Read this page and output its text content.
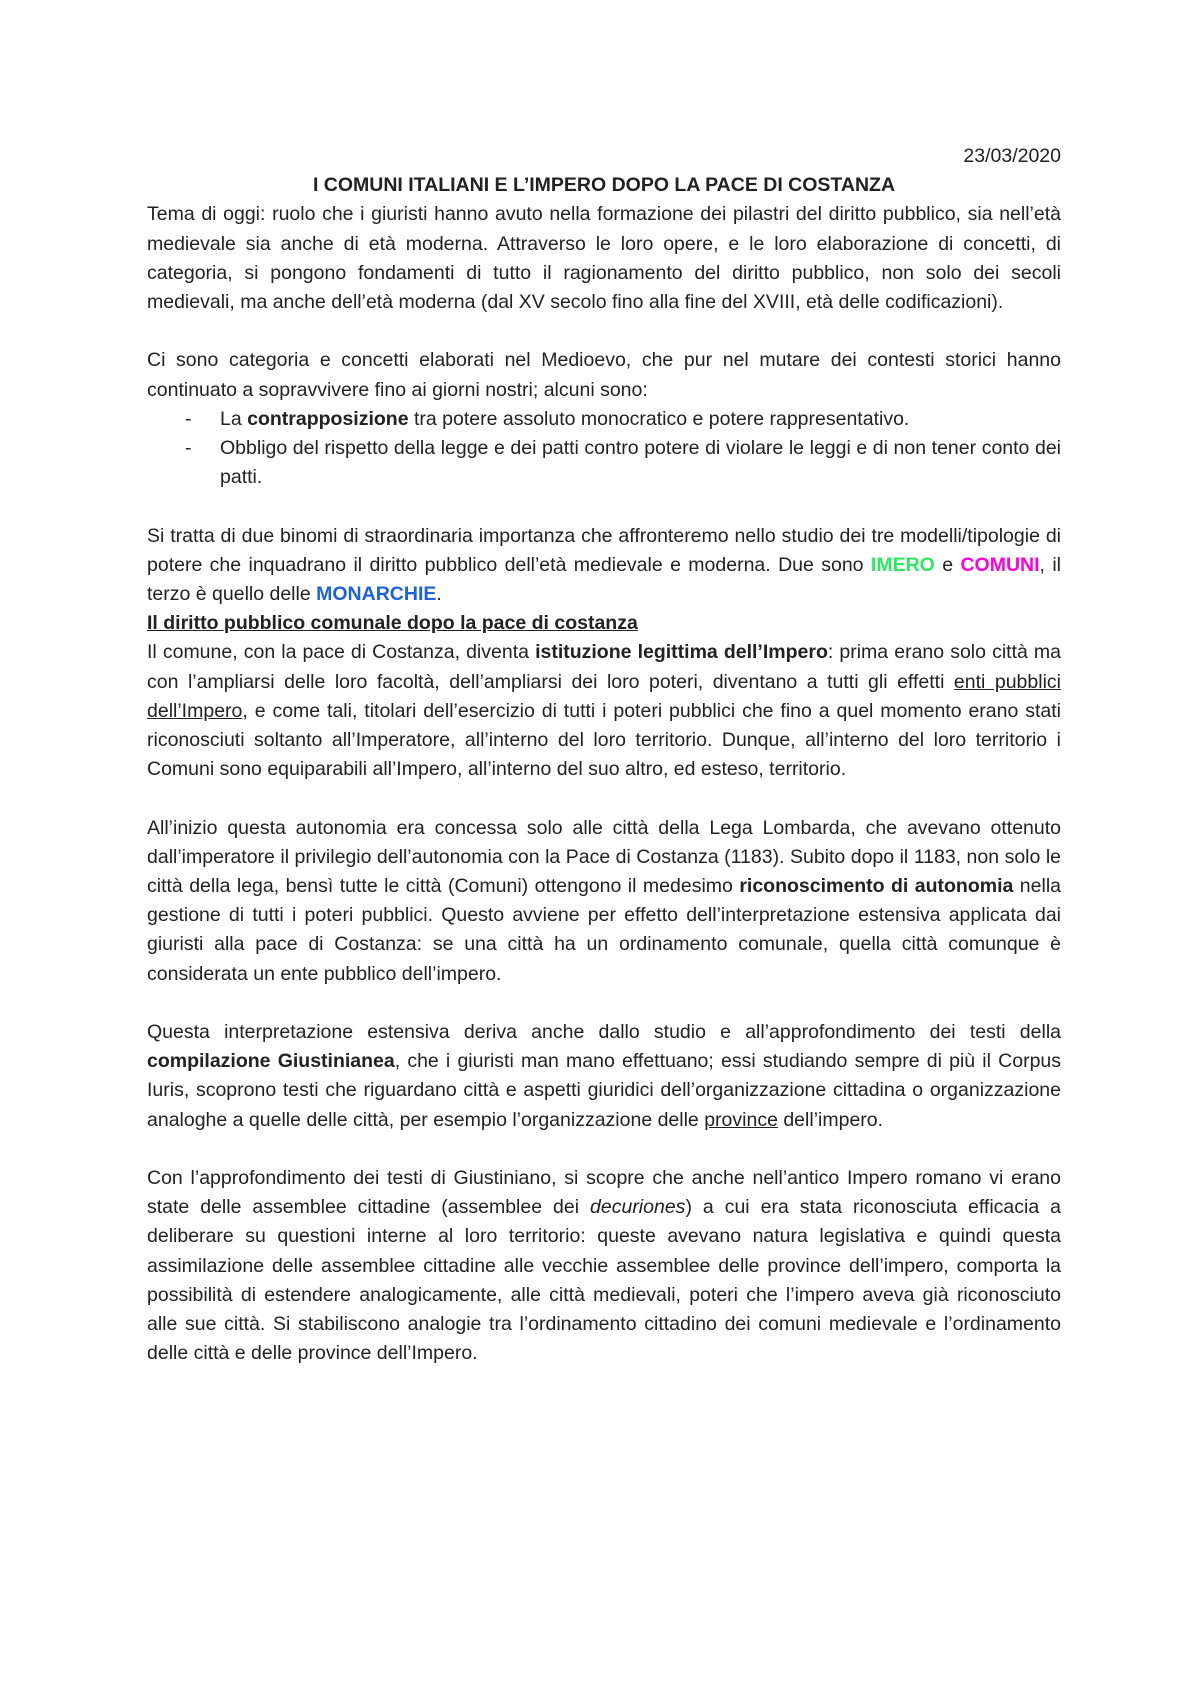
23/03/2020

I COMUNI ITALIANI E L’IMPERO DOPO LA PACE DI COSTANZA

Tema di oggi: ruolo che i giuristi hanno avuto nella formazione dei pilastri del diritto pubblico, sia nell’età medievale sia anche di età moderna. Attraverso le loro opere, e le loro elaborazione di concetti, di categoria, si pongono fondamenti di tutto il ragionamento del diritto pubblico, non solo dei secoli medievali, ma anche dell’età moderna (dal XV secolo fino alla fine del XVIII, età delle codificazioni).

Ci sono categoria e concetti elaborati nel Medioevo, che pur nel mutare dei contesti storici hanno continuato a sopravvivere fino ai giorni nostri; alcuni sono:

- La contrapposizione tra potere assoluto monocratico e potere rappresentativo.
- Obbligo del rispetto della legge e dei patti contro potere di violare le leggi e di non tener conto dei patti.

Si tratta di due binomi di straordinaria importanza che affronteremo nello studio dei tre modelli/tipologie di potere che inquadrano il diritto pubblico dell’età medievale e moderna. Due sono IMERO e COMUNI, il terzo è quello delle MONARCHIE.

Il diritto pubblico comunale dopo la pace di costanza

Il comune, con la pace di Costanza, diventa istituzione legittima dell’Impero: prima erano solo città ma con l’ampliarsi delle loro facoltà, dell’ampliarsi dei loro poteri, diventano a tutti gli effetti enti pubblici dell’Impero, e come tali, titolari dell’esercizio di tutti i poteri pubblici che fino a quel momento erano stati riconosciuti soltanto all’Imperatore, all’interno del loro territorio. Dunque, all’interno del loro territorio i Comuni sono equiparabili all’Impero, all’interno del suo altro, ed esteso, territorio.

All’inizio questa autonomia era concessa solo alle città della Lega Lombarda, che avevano ottenuto dall’imperatore il privilegio dell’autonomia con la Pace di Costanza (1183). Subito dopo il 1183, non solo le città della lega, bensì tutte le città (Comuni) ottengono il medesimo riconoscimento di autonomia nella gestione di tutti i poteri pubblici. Questo avviene per effetto dell’interpretazione estensiva applicata dai giuristi alla pace di Costanza: se una città ha un ordinamento comunale, quella città comunque è considerata un ente pubblico dell’impero.

Questa interpretazione estensiva deriva anche dallo studio e all’approfondimento dei testi della compilazione Giustinianea, che i giuristi man mano effettuano; essi studiando sempre di più il Corpus Iuris, scoprono testi che riguardano città e aspetti giuridici dell’organizzazione cittadina o organizzazione analoghe a quelle delle città, per esempio l’organizzazione delle province dell’impero.

Con l’approfondimento dei testi di Giustiniano, si scopre che anche nell’antico Impero romano vi erano state delle assemblee cittadine (assemblee dei decuriones) a cui era stata riconosciuta efficacia a deliberare su questioni interne al loro territorio: queste avevano natura legislativa e quindi questa assimilazione delle assemblee cittadine alle vecchie assemblee delle province dell’impero, comporta la possibilità di estendere analogicamente, alle città medievali, poteri che l’impero aveva già riconosciuto alle sue città. Si stabiliscono analogie tra l’ordinamento cittadino dei comuni medievale e l’ordinamento delle città e delle province dell’Impero.
